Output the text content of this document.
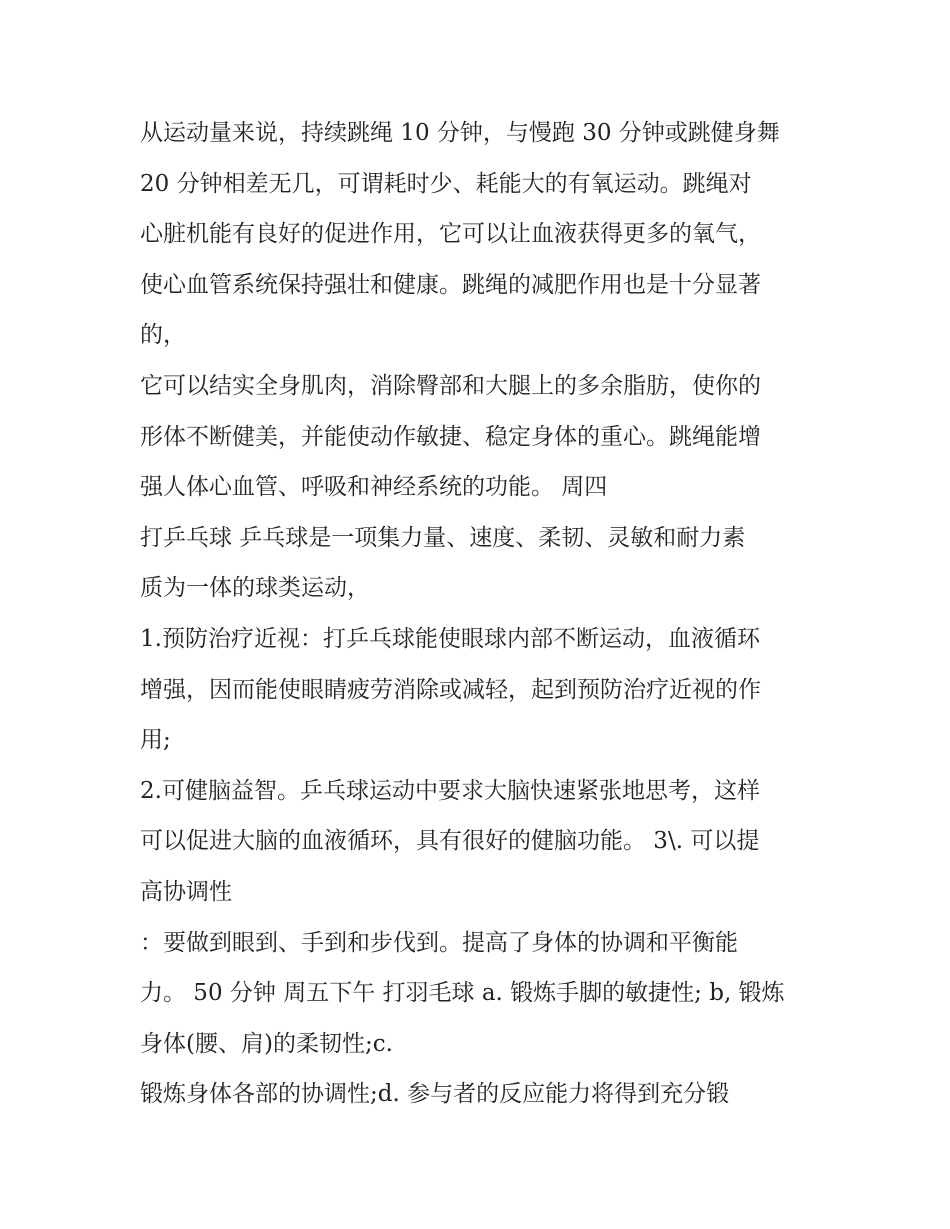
从运动量来说，持续跳绳 10 分钟，与慢跑 30 分钟或跳健身舞
20 分钟相差无几，可谓耗时少、耗能大的有氧运动。跳绳对
心脏机能有良好的促进作用，它可以让血液获得更多的氧气，
使心血管系统保持强壮和健康。跳绳的减肥作用也是十分显著
的，
它可以结实全身肌肉，消除臀部和大腿上的多余脂肪，使你的
形体不断健美，并能使动作敏捷、稳定身体的重心。跳绳能增
强人体心血管、呼吸和神经系统的功能。 周四
打乒乓球 乒乓球是一项集力量、速度、柔韧、灵敏和耐力素
质为一体的球类运动，
1.预防治疗近视：打乒乓球能使眼球内部不断运动，血液循环
增强，因而能使眼睛疲劳消除或减轻，起到预防治疗近视的作
用;
2.可健脑益智。乒乓球运动中要求大脑快速紧张地思考，这样
可以促进大脑的血液循环，具有很好的健脑功能。 3\. 可以提
高协调性
：要做到眼到、手到和步伐到。提高了身体的协调和平衡能
力。 50 分钟 周五下午 打羽毛球 a. 锻炼手脚的敏捷性; b, 锻炼
身体(腰、肩)的柔韧性;c.
锻炼身体各部的协调性;d. 参与者的反应能力将得到充分锻
